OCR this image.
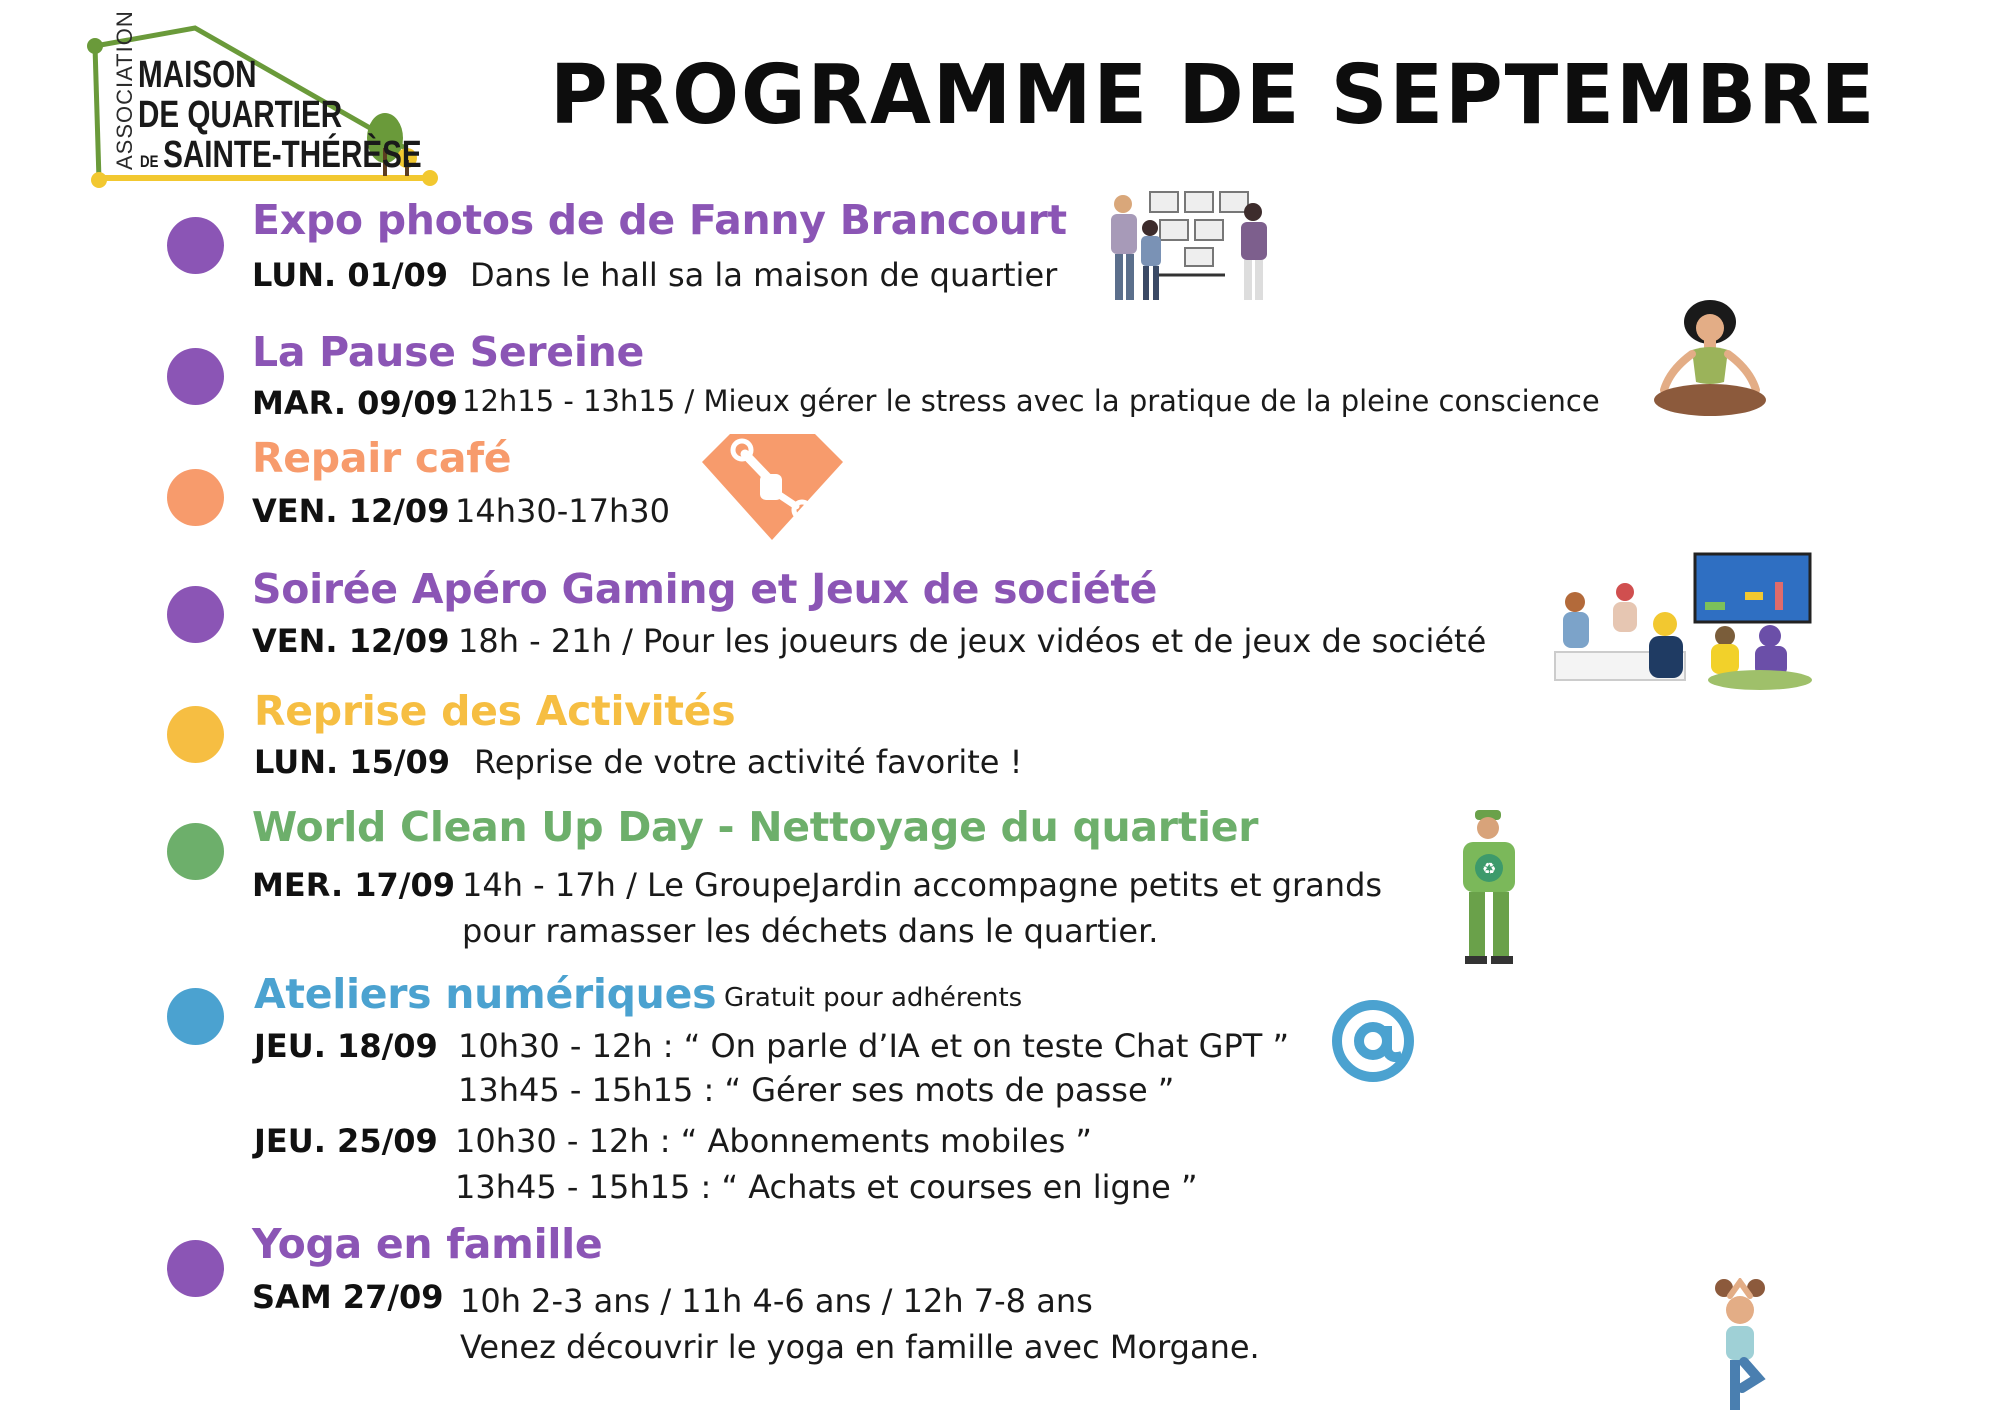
ASSOCIATION MAISON
DE QUARTIER
DE SAINTE-THÉRÈSE
PROGRAMME DE SEPTEMBRE
Expo photos de de Fanny Brancourt
LUN. 01/09 Dans le hall sa la maison de quartier
La Pause Sereine
MAR. 09/09 12h15 - 13h15 / Mieux gérer le stress avec la pratique de la pleine conscience
Repair café
VEN. 12/09 14h30-17h30
Soirée Apéro Gaming et Jeux de société
VEN. 12/09 18h - 21h / Pour les joueurs de jeux vidéos et de jeux de société
Reprise des Activités
LUN. 15/09 Reprise de votre activité favorite !
World Clean Up Day - Nettoyage du quartier
MER. 17/09 14h - 17h / Le GroupeJardin accompagne petits et grands
pour ramasser les déchets dans le quartier.
♻
Ateliers numériques Gratuit pour adhérents
JEU. 18/09 10h30 - 12h : “ On parle d’IA et on teste Chat GPT ”
13h45 - 15h15 : “ Gérer ses mots de passe ”
JEU. 25/09 10h30 - 12h : “ Abonnements mobiles ”
13h45 - 15h15 : “ Achats et courses en ligne ”
Yoga en famille
SAM 27/09 10h 2-3 ans / 11h 4-6 ans / 12h 7-8 ans
Venez découvrir le yoga en famille avec Morgane.
